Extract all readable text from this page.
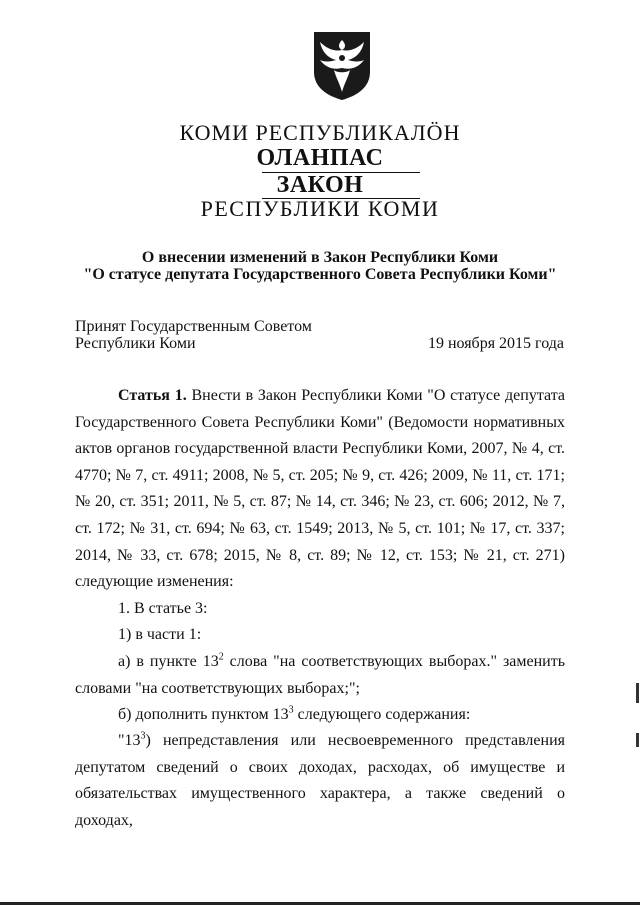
КОМИ РЕСПУБЛИКАЛÖН
ОЛАНПАС
ЗАКОН
РЕСПУБЛИКИ КОМИ
О внесении изменений в Закон Республики Коми
"О статусе депутата Государственного Совета Республики Коми"
Принят Государственным Советом
Республики Коми	19 ноября 2015 года
Статья 1. Внести в Закон Республики Коми "О статусе депутата Государственного Совета Республики Коми" (Ведомости нормативных актов органов государственной власти Республики Коми, 2007, № 4, ст. 4770; № 7, ст. 4911; 2008, № 5, ст. 205; № 9, ст. 426; 2009, № 11, ст. 171; № 20, ст. 351; 2011, № 5, ст. 87; № 14, ст. 346; № 23, ст. 606; 2012, № 7, ст. 172; № 31, ст. 694; № 63, ст. 1549; 2013, № 5, ст. 101; № 17, ст. 337; 2014, № 33, ст. 678; 2015, № 8, ст. 89; № 12, ст. 153; № 21, ст. 271) следующие изменения:
1. В статье 3:
1) в части 1:
а) в пункте $13^2$ слова "на соответствующих выборах." заменить словами "на соответствующих выборах;";
б) дополнить пунктом $13^3$ следующего содержания:
"$13^3$) непредставления или несвоевременного представления депутатом сведений о своих доходах, расходах, об имуществе и обязательствах имущественного характера, а также сведений о доходах,
